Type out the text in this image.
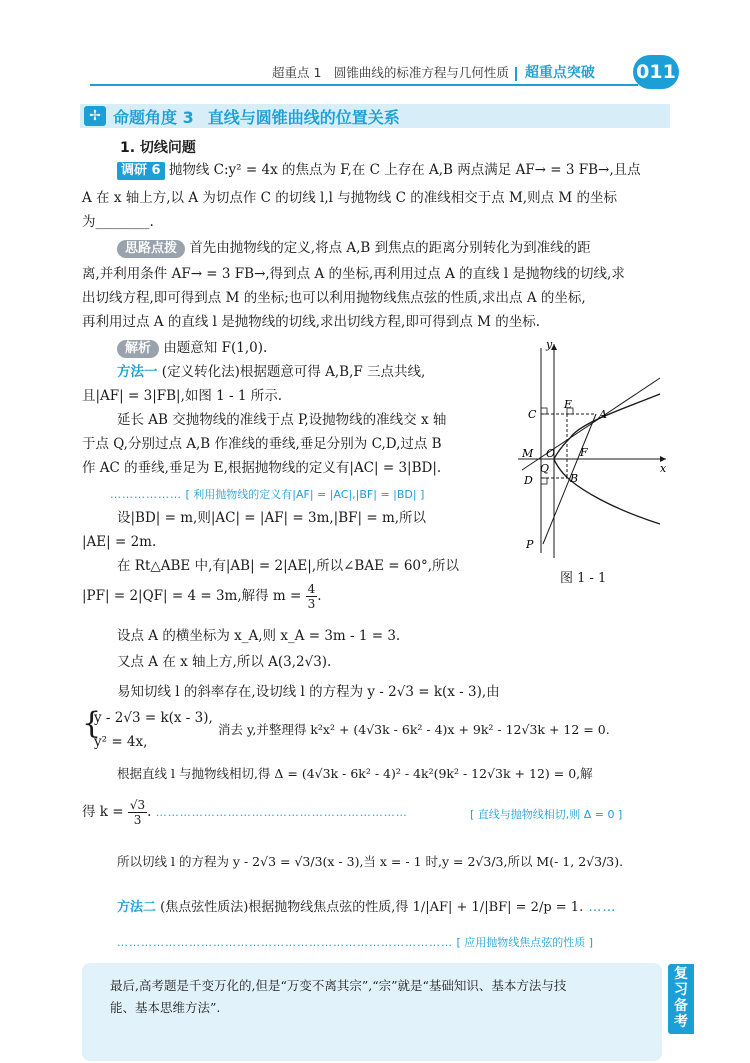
超重点 1　圆锥曲线的标准方程与几何性质 超重点突破 011
✢ 命题角度 3 直线与圆锥曲线的位置关系
1. 切线问题
调研 6 抛物线 C:y² = 4x 的焦点为 F,在 C 上存在 A,B 两点满足 AF→ = 3 FB→,且点
A 在 x 轴上方,以 A 为切点作 C 的切线 l,l 与抛物线 C 的准线相交于点 M,则点 M 的坐标
为________.
思路点拨 首先由抛物线的定义,将点 A,B 到焦点的距离分别转化为到准线的距
离,并利用条件 AF→ = 3 FB→,得到点 A 的坐标,再利用过点 A 的直线 l 是抛物线的切线,求
出切线方程,即可得到点 M 的坐标;也可以利用抛物线焦点弦的性质,求出点 A 的坐标,
再利用过点 A 的直线 l 是抛物线的切线,求出切线方程,即可得到点 M 的坐标.
解析 由题意知 F(1,0).
方法一 (定义转化法)根据题意可得 A,B,F 三点共线,
且|AF| = 3|FB|,如图 1 - 1 所示.
延长 AB 交抛物线的准线于点 P,设抛物线的准线交 x 轴
于点 Q,分别过点 A,B 作准线的垂线,垂足分别为 C,D,过点 B
作 AC 的垂线,垂足为 E,根据抛物线的定义有|AC| = 3|BD|.
……………… [ 利用抛物线的定义有|AF| = |AC|,|BF| = |BD| ]
设|BD| = m,则|AC| = |AF| = 3m,|BF| = m,所以
|AE| = 2m.
在 Rt△ABE 中,有|AB| = 2|AE|,所以∠BAE = 60°,所以
|PF| = 2|QF| = 4 = 3m,解得 $m = \frac{4}{3}$ .
设点 A 的横坐标为 x_A,则 x_A = 3m - 1 = 3.
又点 A 在 x 轴上方,所以 A(3,2√3).
易知切线 l 的斜率存在,设切线 l 的方程为 y - 2√3 = k(x - 3),由
{
y - 2√3 = k(x - 3),
y² = 4x,
消去 y,并整理得 k²x² + (4√3k - 6k² - 4)x + 9k² - 12√3k + 12 = 0.
根据直线 l 与抛物线相切,得 Δ = (4√3k - 6k² - 4)² - 4k²(9k² - 12√3k + 12) = 0,解
得 $k = \frac{√3}{3}$ . ………………………………………………………	[ 直线与抛物线相切,则 Δ = 0 ]
所以切线 l 的方程为 y - 2√3 = √3/3(x - 3),当 x = - 1 时,y = 2√3/3,所以 M(- 1, 2√3/3).
方法二 (焦点弦性质法)根据抛物线焦点弦的性质,得 1/|AF| + 1/|BF| = 2/p = 1. ……
………………………………………………………………………… [ 应用抛物线焦点弦的性质 ]
y
x
C
E
A
M O
Q
F
D	B
P
图 1 - 1
最后,高考题是千变万化的,但是“万变不离其宗”,“宗”就是“基础知识、基本方法与技
能、基本思维方法”.
复
习
备
考
